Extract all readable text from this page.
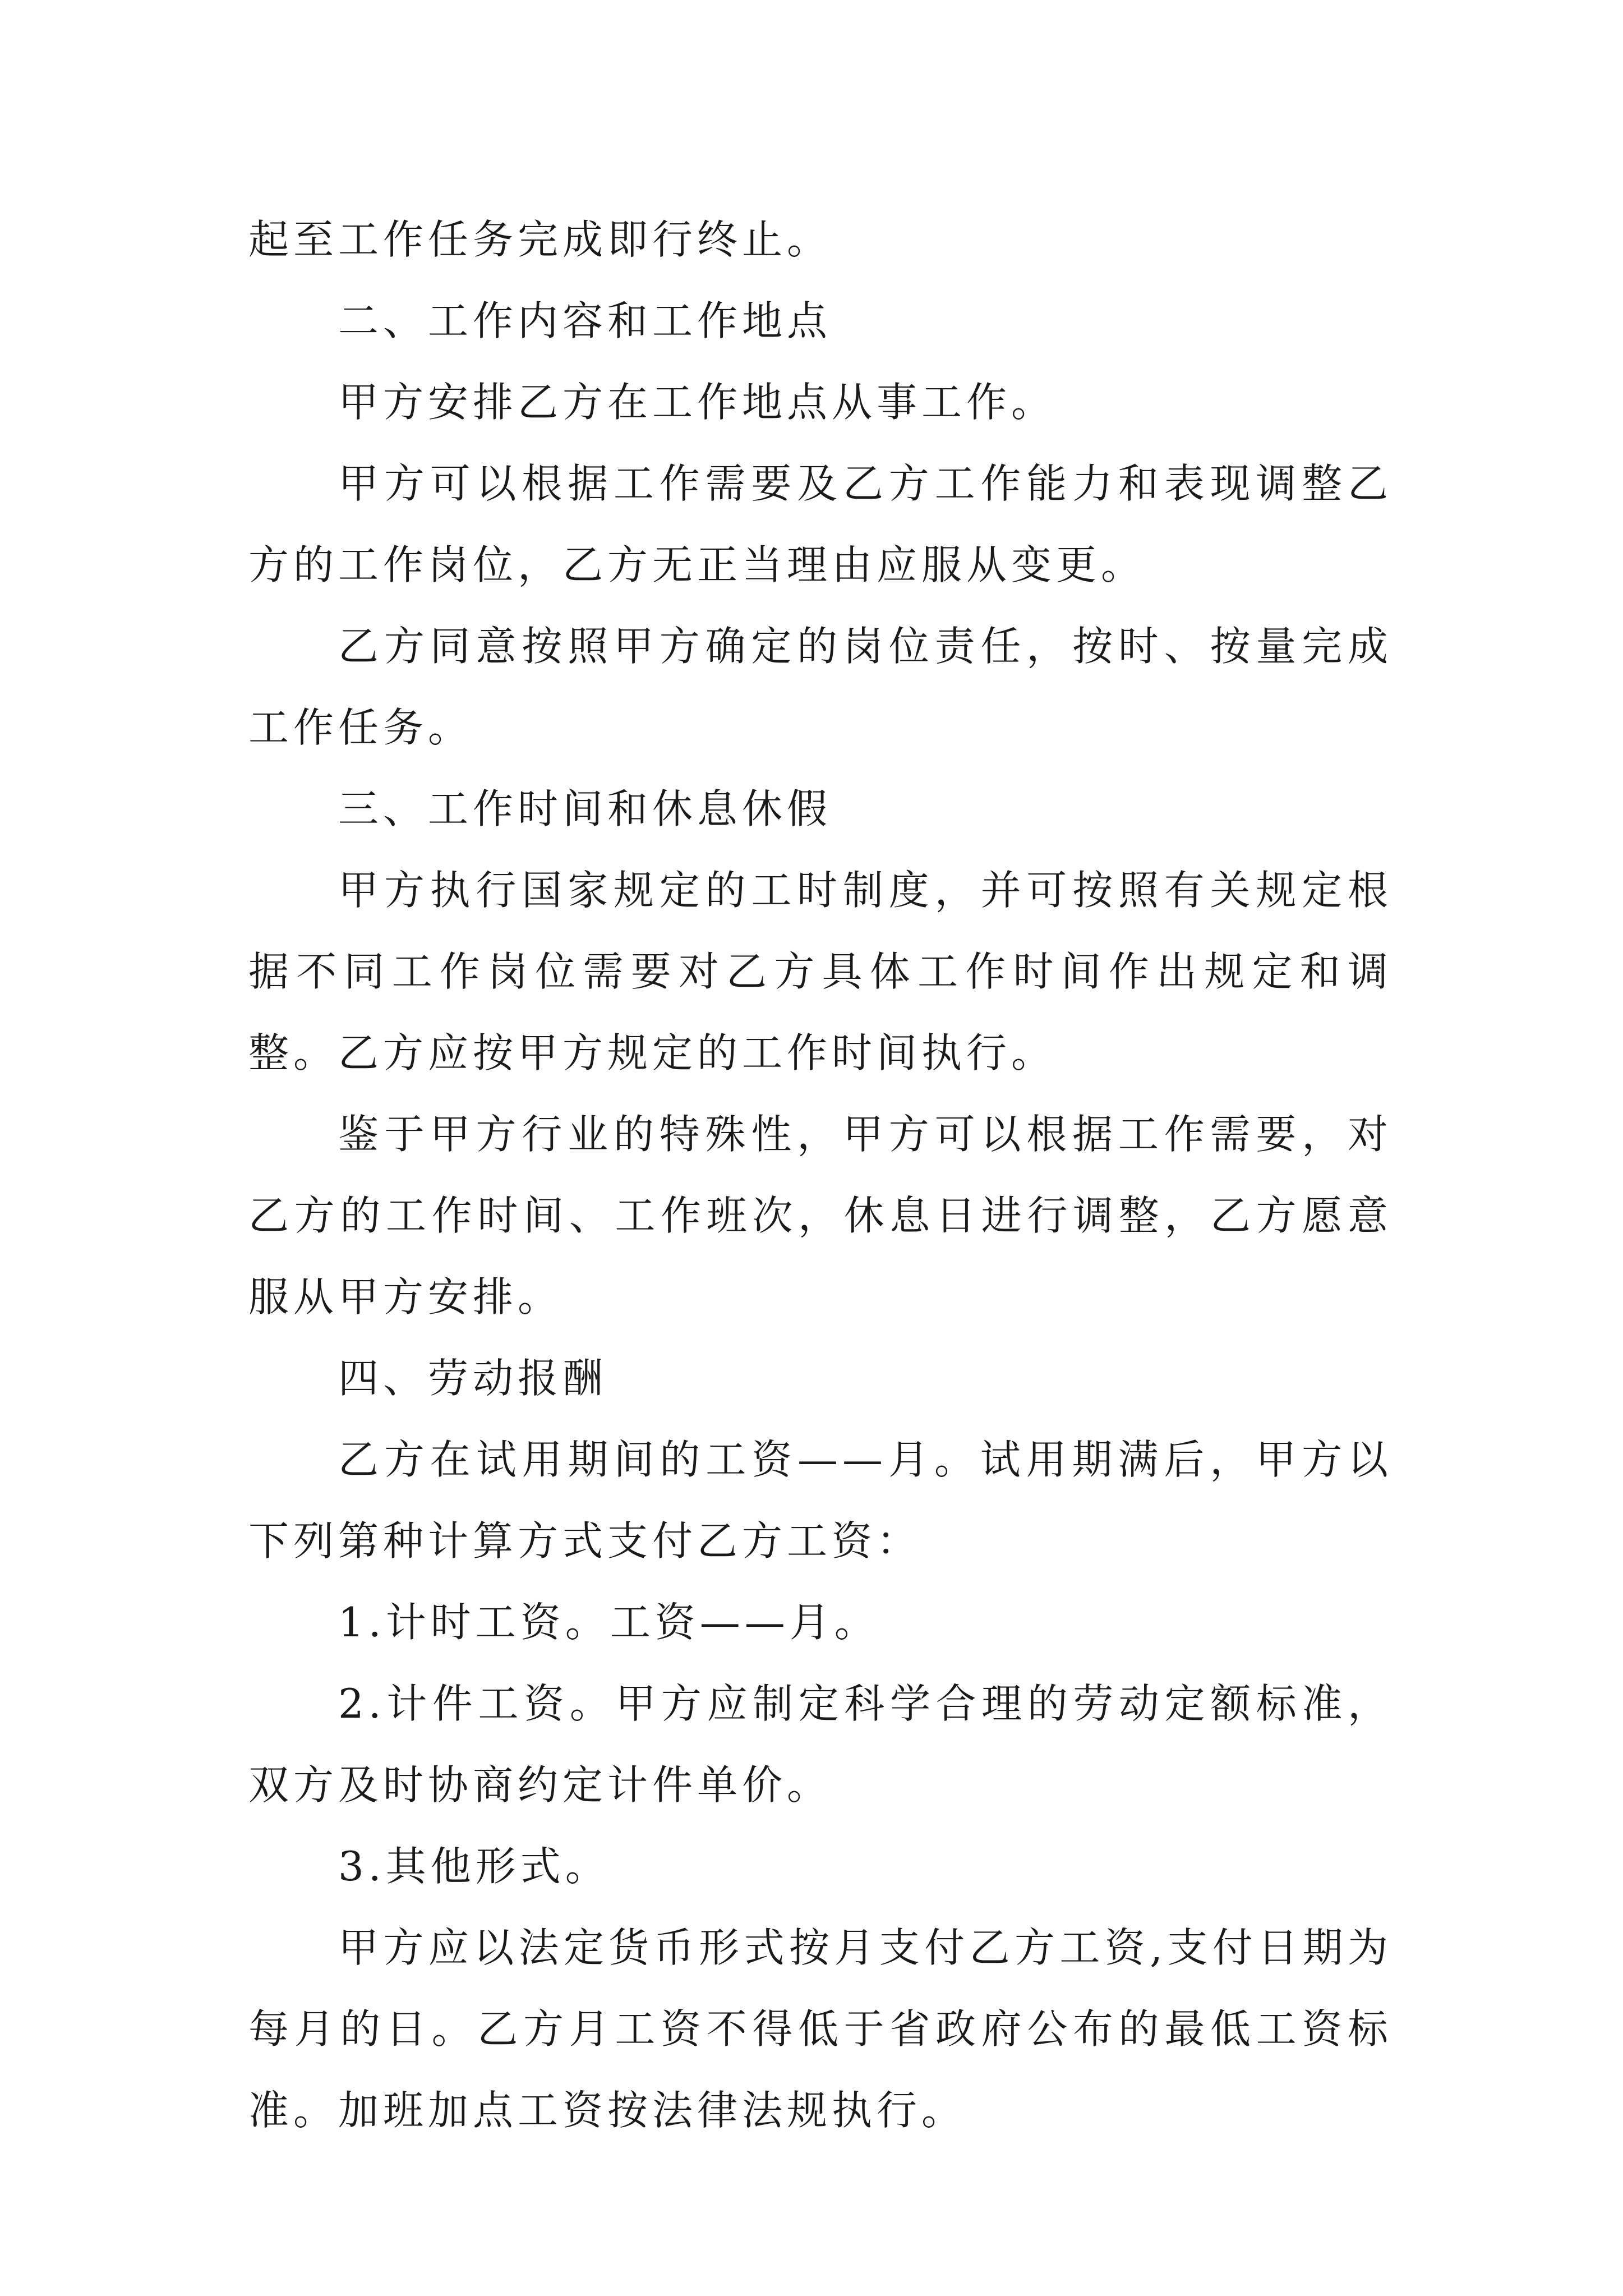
起至工作任务完成即行终止。

二、工作内容和工作地点

甲方安排乙方在工作地点从事工作。

甲方可以根据工作需要及乙方工作能力和表现调整乙方的工作岗位，乙方无正当理由应服从变更。

乙方同意按照甲方确定的岗位责任，按时、按量完成工作任务。

三、工作时间和休息休假

甲方执行国家规定的工时制度，并可按照有关规定根据不同工作岗位需要对乙方具体工作时间作出规定和调整。乙方应按甲方规定的工作时间执行。

鉴于甲方行业的特殊性，甲方可以根据工作需要，对乙方的工作时间、工作班次，休息日进行调整，乙方愿意服从甲方安排。

四、劳动报酬

乙方在试用期间的工资——月。试用期满后，甲方以下列第种计算方式支付乙方工资：

1.计时工资。工资——月。

2.计件工资。甲方应制定科学合理的劳动定额标准，双方及时协商约定计件单价。

3.其他形式。

甲方应以法定货币形式按月支付乙方工资,支付日期为每月的日。乙方月工资不得低于省政府公布的最低工资标准。加班加点工资按法律法规执行。
